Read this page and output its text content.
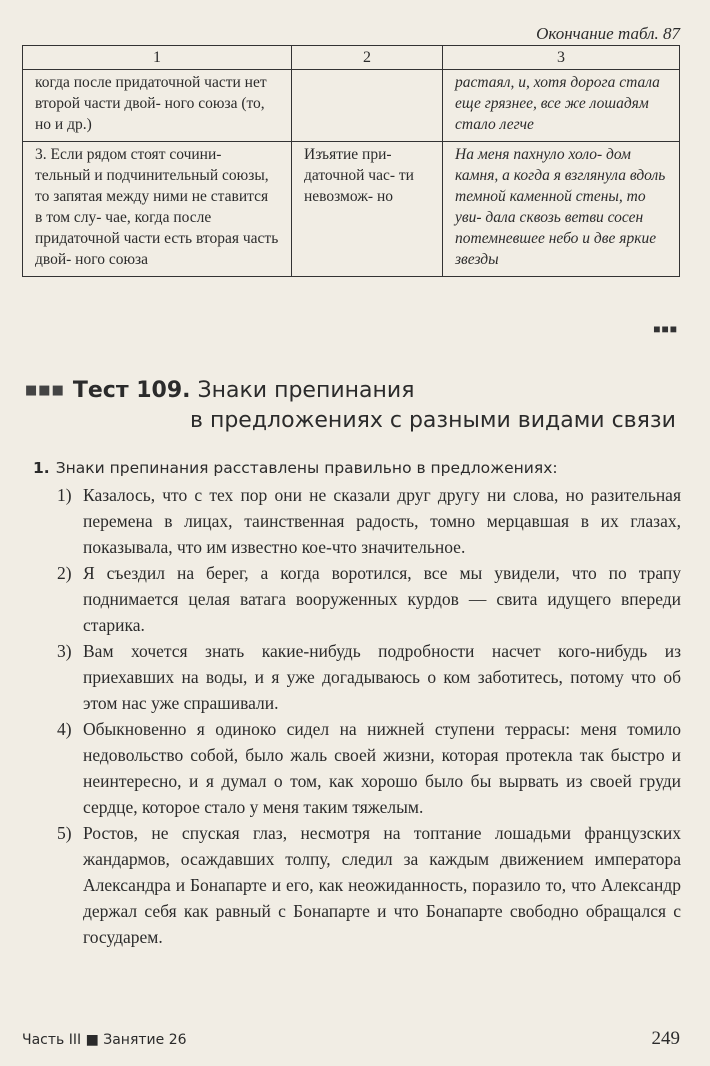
Окончание табл. 87
1	2	3
когда после придаточной части нет второй части двой- ного союза (то, но и др.)		растаял, и, хотя дорога стала еще грязнее, все же лошадям стало легче
3. Если рядом стоят сочини- тельный и подчинительный союзы, то запятая между ними не ставится в том слу- чае, когда после придаточной части есть вторая часть двой- ного союза	Изъятие при- даточной час- ти невозмож- но	На меня пахнуло холо- дом камня, а когда я взглянула вдоль темной каменной стены, то уви- дала сквозь ветви сосен потемневшее небо и две яркие звезды
■■■
■■■ Тест 109. Знаки препинания
в предложениях с разными видами связи
1. Знаки препинания расставлены правильно в предложениях:
1) Казалось, что с тех пор они не сказали друг другу ни слова, но разительная перемена в лицах, таинственная радость, томно мерцавшая в их глазах, показывала, что им известно кое-что значительное.
2) Я съездил на берег, а когда воротился, все мы увидели, что по трапу поднимается целая ватага вооруженных курдов — свита идущего впереди старика.
3) Вам хочется знать какие-нибудь подробности насчет кого-нибудь из приехавших на воды, и я уже догадываюсь о ком заботитесь, потому что об этом нас уже спрашивали.
4) Обыкновенно я одиноко сидел на нижней ступени террасы: меня томило недовольство собой, было жаль своей жизни, которая протекла так быстро и неинтересно, и я думал о том, как хорошо было бы вырвать из своей груди сердце, которое стало у меня таким тяжелым.
5) Ростов, не спуская глаз, несмотря на топтание лошадьми французских жандармов, осаждавших толпу, следил за каждым движением императора Александра и Бонапарте и его, как неожиданность, поразило то, что Александр держал себя как равный с Бонапарте и что Бонапарте свободно обращался с государем.
Часть III ■ Занятие 26	249
